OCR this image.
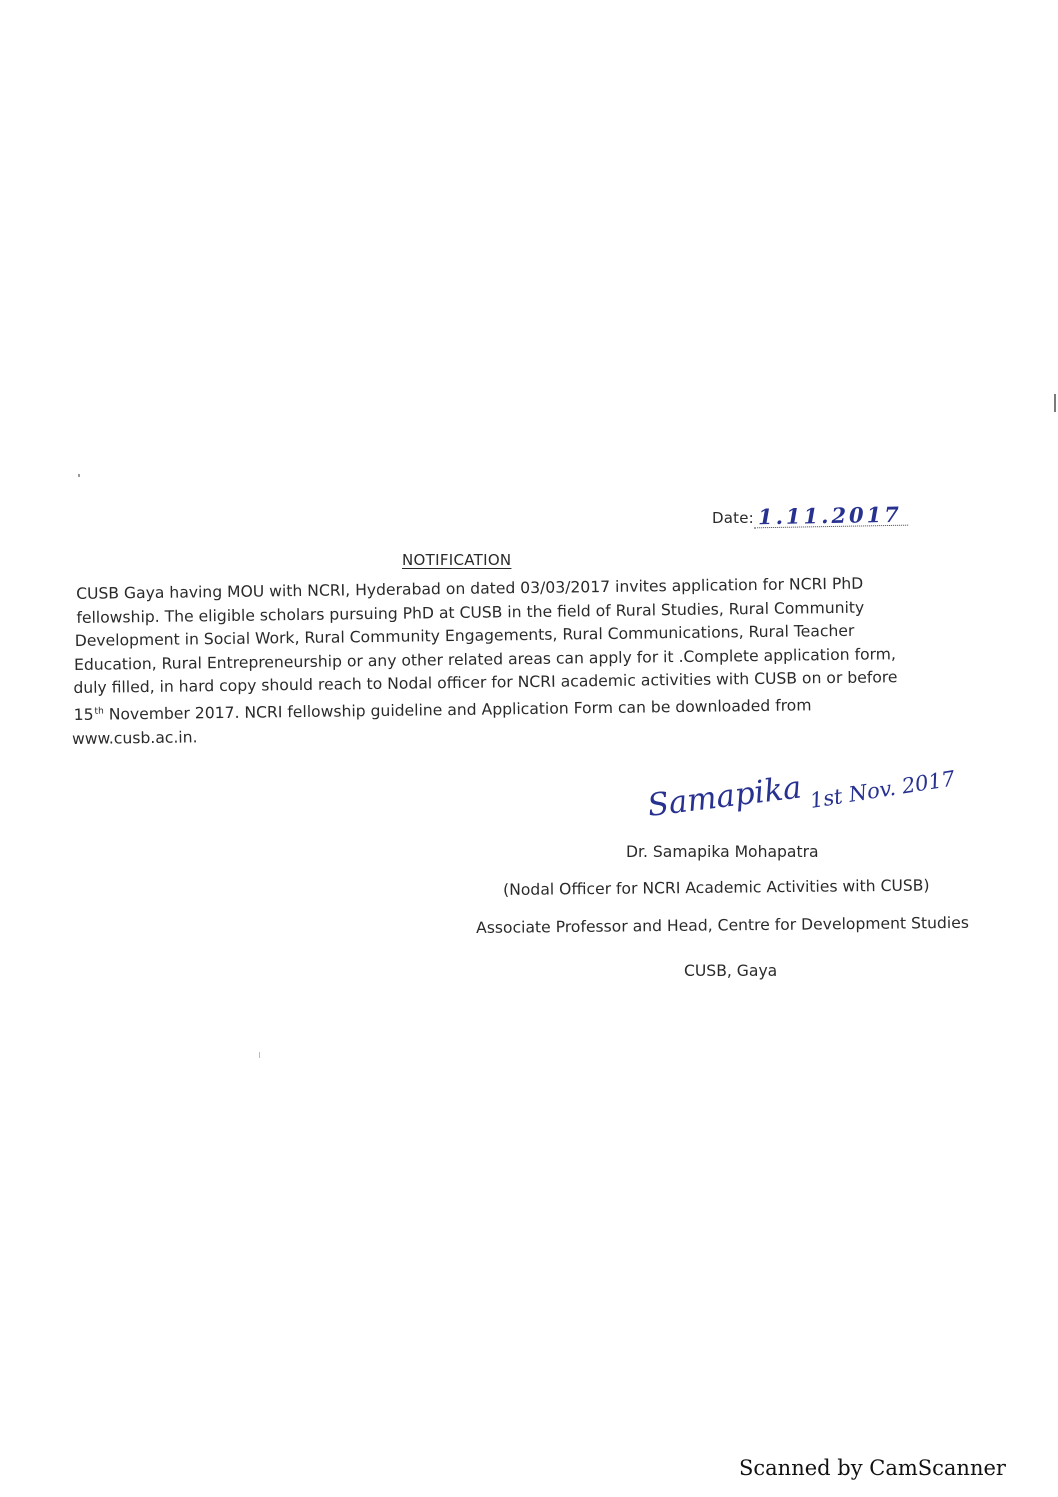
Date: 1.11.2017
NOTIFICATION
CUSB Gaya having MOU with NCRI, Hyderabad on dated 03/03/2017 invites application for NCRI PhD
fellowship. The eligible scholars pursuing PhD at CUSB in the field of Rural Studies, Rural Community
Development in Social Work, Rural Community Engagements, Rural Communications, Rural Teacher
Education, Rural Entrepreneurship or any other related areas can apply for it .Complete application form,
duly filled, in hard copy should reach to Nodal officer for NCRI academic activities with CUSB on or before
15th November 2017. NCRI fellowship guideline and Application Form can be downloaded from
www.cusb.ac.in.
Samapika 1st Nov. 2017
Dr. Samapika Mohapatra
(Nodal Officer for NCRI Academic Activities with CUSB)
Associate Professor and Head, Centre for Development Studies
CUSB, Gaya
Scanned by CamScanner
